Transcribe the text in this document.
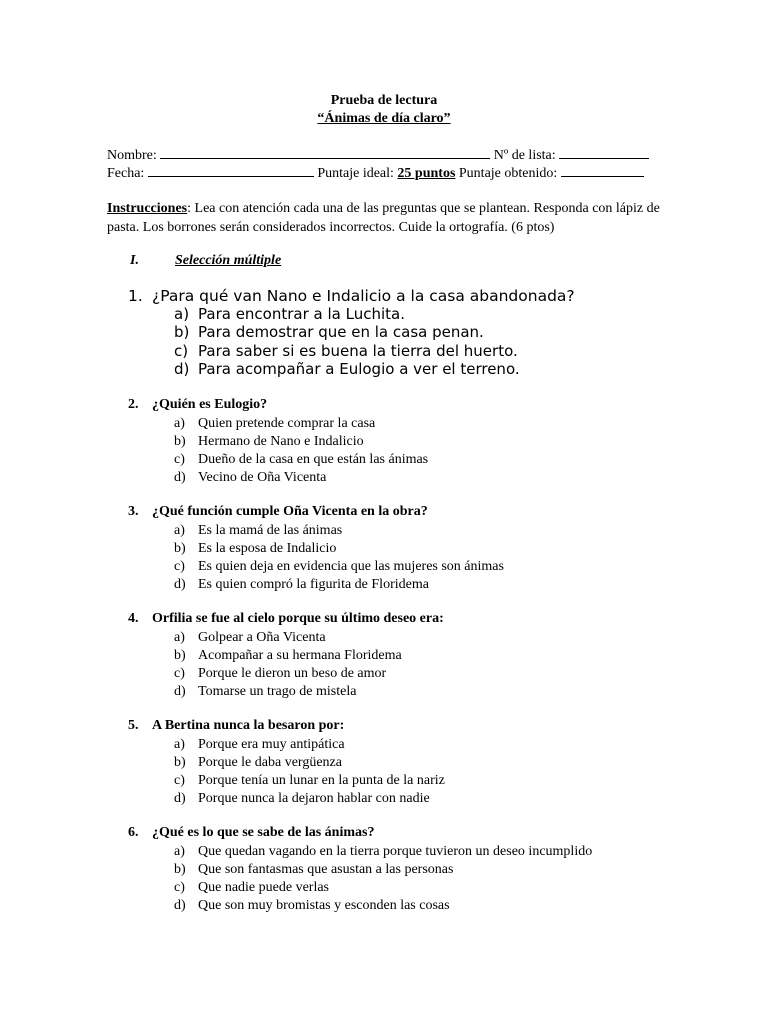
Prueba de lectura
“Ánimas de día claro”
Nombre:	Nº de lista:
Fecha:	Puntaje ideal: 25 puntos Puntaje obtenido:
Instrucciones: Lea con atención cada una de las preguntas que se plantean. Responda con lápiz de pasta. Los borrones serán considerados incorrectos. Cuide la ortografía. (6 ptos)
I.	Selección múltiple
1. ¿Para qué van Nano e Indalicio a la casa abandonada?
a) Para encontrar a la Luchita.
b) Para demostrar que en la casa penan.
c) Para saber si es buena la tierra del huerto.
d) Para acompañar a Eulogio a ver el terreno.
2. ¿Quién es Eulogio?
a) Quien pretende comprar la casa
b) Hermano de Nano e Indalicio
c) Dueño de la casa en que están las ánimas
d) Vecino de Oña Vicenta
3. ¿Qué función cumple Oña Vicenta en la obra?
a) Es la mamá de las ánimas
b) Es la esposa de Indalicio
c) Es quien deja en evidencia que las mujeres son ánimas
d) Es quien compró la figurita de Floridema
4. Orfilia se fue al cielo porque su último deseo era:
a) Golpear a Oña Vicenta
b) Acompañar a su hermana Floridema
c) Porque le dieron un beso de amor
d) Tomarse un trago de mistela
5. A Bertina nunca la besaron por:
a) Porque era muy antipática
b) Porque le daba vergüenza
c) Porque tenía un lunar en la punta de la nariz
d) Porque nunca la dejaron hablar con nadie
6. ¿Qué es lo que se sabe de las ánimas?
a) Que quedan vagando en la tierra porque tuvieron un deseo incumplido
b) Que son fantasmas que asustan a las personas
c) Que nadie puede verlas
d) Que son muy bromistas y esconden las cosas
